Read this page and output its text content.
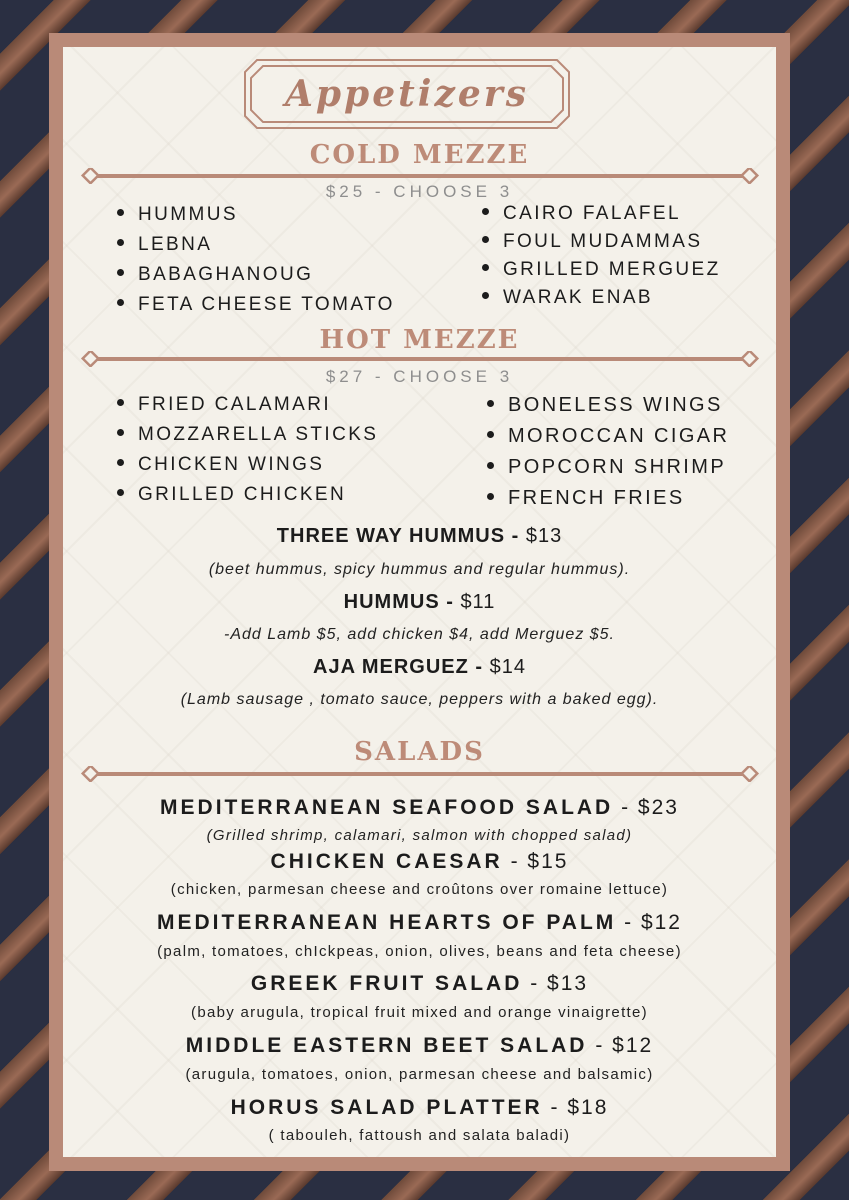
Appetizers
COLD MEZZE
$25 - CHOOSE 3
HUMMUS
LEBNA
BABAGHANOUG
FETA CHEESE TOMATO
CAIRO FALAFEL
FOUL MUDAMMAS
GRILLED MERGUEZ
WARAK ENAB
HOT MEZZE
$27 - CHOOSE 3
FRIED CALAMARI
MOZZARELLA STICKS
CHICKEN WINGS
GRILLED CHICKEN
BONELESS WINGS
MOROCCAN CIGAR
POPCORN SHRIMP
FRENCH FRIES
THREE WAY HUMMUS - $13
(beet hummus, spicy hummus and regular hummus).
HUMMUS - $11
-Add Lamb $5, add chicken $4, add Merguez $5.
AJA MERGUEZ - $14
(Lamb sausage , tomato sauce, peppers with a baked egg).
SALADS
MEDITERRANEAN SEAFOOD SALAD - $23
(Grilled shrimp, calamari, salmon with chopped salad)
CHICKEN CAESAR - $15
(chicken, parmesan cheese and croûtons over romaine lettuce)
MEDITERRANEAN HEARTS OF PALM - $12
(palm, tomatoes, chIckpeas, onion, olives, beans and feta cheese)
GREEK FRUIT SALAD - $13
(baby arugula, tropical fruit mixed and orange vinaigrette)
MIDDLE EASTERN BEET SALAD - $12
(arugula, tomatoes, onion, parmesan cheese and balsamic)
HORUS SALAD PLATTER - $18
( tabouleh, fattoush and salata baladi)
